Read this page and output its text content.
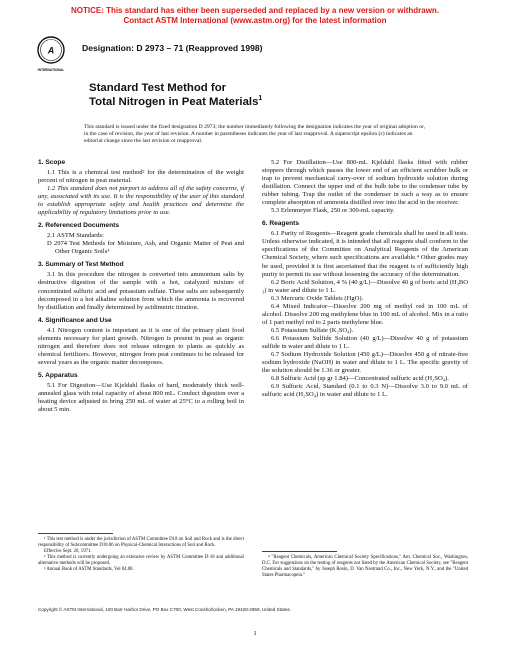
NOTICE: This standard has either been superseded and replaced by a new version or withdrawn.
Contact ASTM International (www.astm.org) for the latest information
A
INTERNATIONAL
Designation: D 2973 – 71 (Reapproved 1998)
Standard Test Method for
Total Nitrogen in Peat Materials$^1$
This standard is issued under the fixed designation D 2973; the number immediately following the designation indicates the year of original adoption or, in the case of revision, the year of last revision. A number in parentheses indicates the year of last reapproval. A superscript epsilon (ε) indicates an editorial change since the last revision or reapproval.
1. Scope

1.1 This is a chemical test method² for the determination of the weight percent of nitrogen in peat material.

1.2 This standard does not purport to address all of the safety concerns, if any, associated with its use. It is the responsibility of the user of this standard to establish appropriate safety and health practices and determine the applicability of regulatory limitations prior to use.

2. Referenced Documents

2.1 ASTM Standards:

D 2974 Test Methods for Moisture, Ash, and Organic Matter of Peat and Other Organic Soils³

3. Summary of Test Method

3.1 In this procedure the nitrogen is converted into ammonium salts by destructive digestion of the sample with a hot, catalyzed mixture of concentrated sulfuric acid and potassium sulfate. These salts are subsequently decomposed in a hot alkaline solution from which the ammonia is recovered by distillation and finally determined by acidimetric titration.

4. Significance and Use

4.1 Nitrogen content is important as it is one of the primary plant food elements necessary for plant growth. Nitrogen is present in peat as organic nitrogen and therefore does not release nitrogen to plants as quickly as chemical fertilizers. However, nitrogen from peat continues to be released for several years as the organic matter decomposes.

5. Apparatus

5.1 For Digestion—Use Kjeldahl flasks of hard, moderately thick well-annealed glass with total capacity of about 800 mL. Conduct digestion over a heating device adjusted to bring 250 mL of water at 25°C to a rolling boil in about 5 min.

¹ This test method is under the jurisdiction of ASTM Committee D18 on Soil and Rock and is the direct responsibility of Subcommittee D18.06 on Physical-Chemical Interactions of Soil and Rock.

Effective Sept. 20, 1971.

² This method is currently undergoing an extensive review by ASTM Committee D-18 and additional alternative methods will be proposed.

³ Annual Book of ASTM Standards, Vol 04.08.

5.2 For Distillation—Use 800-mL Kjeldahl flasks fitted with rubber stoppers through which passes the lower end of an efficient scrubber bulk or trap to prevent mechanical carry-over of sodium hydroxide solution during distillation. Connect the upper end of the bulb tube to the condenser tube by rubber tubing. Trap the outlet of the condenser in such a way as to ensure complete absorption of ammonia distilled over into the acid in the receiver.

5.3 Erlenmeyer Flask, 250 or 300-mL capacity.

6. Reagents

6.1 Purity of Reagents—Reagent grade chemicals shall be used in all tests. Unless otherwise indicated, it is intended that all reagents shall conform to the specifications of the Committee on Analytical Reagents of the American Chemical Society, where such specifications are available.⁴ Other grades may be used, provided it is first ascertained that the reagent is of sufficiently high purity to permit its use without lessening the accuracy of the determination.

6.2 Boric Acid Solution, 4 % (40 g/L)—Dissolve 40 g of boric acid (H₃BO ₃) in water and dilute to 1 L.

6.3 Mercuric Oxide Tablets (HgO).

6.4 Mixed Indicator—Dissolve 200 mg of methyl red in 100 mL of alcohol. Dissolve 200 mg methylene blue in 100 mL of alcohol. Mix in a ratio of 1 part methyl red to 2 parts methylene blue.

6.5 Potassium Sulfate (K₂SO₄).

6.6 Potassium Sulfide Solution (40 g/L)—Dissolve 40 g of potassium sulfide in water and dilute to 1 L.

6.7 Sodium Hydroxide Solution (450 g/L)—Dissolve 450 g of nitrate-free sodium hydroxide (NaOH) in water and dilute to 1 L. The specific gravity of the solution should be 1.36 or greater.

6.8 Sulfuric Acid (sp gr 1.84)—Concentrated sulfuric acid (H₂SO₄).

6.9 Sulfuric Acid, Standard (0.1 to 0.3 N)—Dissolve 3.0 to 9.0 mL of sulfuric acid (H₂SO₄) in water and dilute to 1 L.

⁴ "Reagent Chemicals, American Chemical Society Specifications," Am. Chemical Soc., Washington, D.C. For suggestions on the testing of reagents not listed by the American Chemical Society, see "Reagent Chemicals and Standards," by Joseph Rosin, D. Van Nostrand Co., Inc., New York, N.Y., and the "United States Pharmacopeia."

Copyright © ASTM International, 100 Barr Harbor Drive, PO Box C700, West Conshohocken, PA 19428-2959, United States.
1
